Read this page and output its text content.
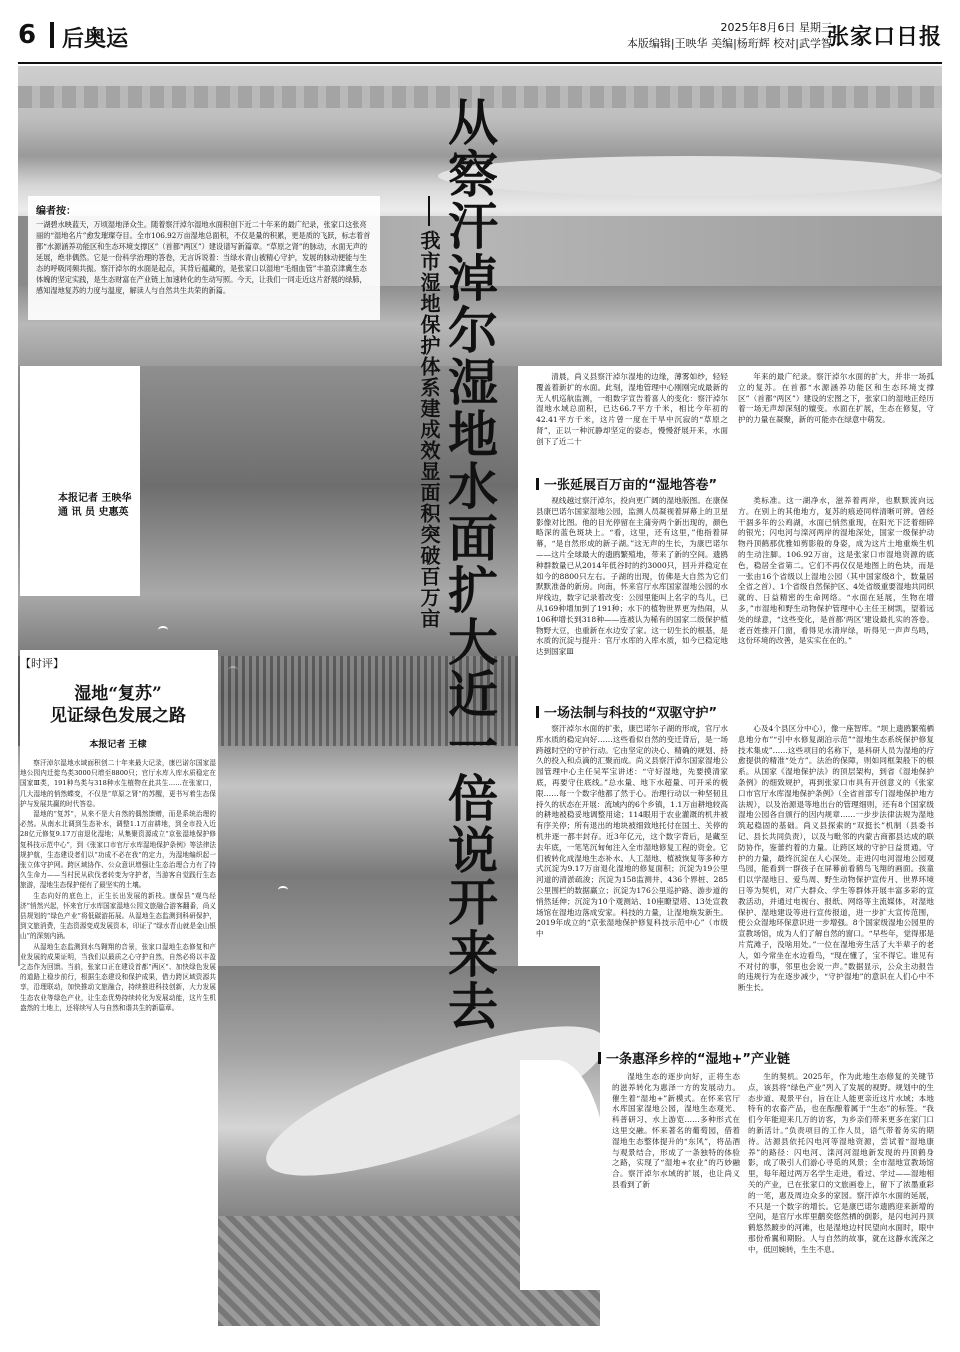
6 后奥运	2025年8月6日 星期三
本版编辑|王映华 美编|杨珩辉 校对|武学智
张家口日报
从察汗淖尔湿地水面扩大近一倍说开来去
我市湿地保护体系建成效显面积突破百万亩
编者按：
一湖碧水映蓝天，万顷湿地泽众生。随着察汗淖尔湿地水面积创下近二十年来的最广纪录，张家口这张亮丽的“湿地名片”愈发璀璨夺目。全市106.92万亩湿地总面积，不仅是量的积累，更是质的飞跃，标志着首都“水源涵养功能区和生态环境支撑区”（首都“两区”）建设谱写新篇章。“草原之肾”的脉动，水面无声的延展，绝非偶然。它是一份科学治理的答卷，无言诉说着：当绿水青山被精心守护，发展的脉动便能与生态的呼吸同频共振。察汗淖尔的水面是起点，其背后蕴藏的，是张家口以湿地“毛细血管”丰盈京津冀生态体魄的坚定实践，是生态财富在产业链上加速转化的生动写照。今天，让我们一同走近这片舒展的绿肺，感知湿地复苏的力度与温度，解读人与自然共生共荣的新篇。
本报记者 王映华
通 讯 员 史惠英
【时评】
湿地“复苏”
见证绿色发展之路
本报记者 王棣

察汗淖尔湿地水域面积创二十年来最大记录，康巴诺尔国家湿地公园内迁徙鸟类3000只增至8800只；官厅水库入库水质稳定在国家Ⅲ类，191种鸟类与318种水生植物在此共生……在张家口，几大湿地的悄然蝶变，不仅是“草原之肾”的苏醒，更书写着生态保护与发展共赢的时代答卷。

湿地的“复苏”，从来不是大自然的偶然馈赠，而是系统治理的必然。从南水北调到生态补水，调整1.1万亩耕地，到全市投入近28亿元修复9.17万亩退化湿地；从集聚资源成立“京张湿地保护修复科技示范中心”，到《张家口市官厅水库湿地保护条例》等法律法规护航，生态建设者们以“功成不必在我”的定力，为湿地编织起一张立体守护网。跨区域协作、公众意识增强让生态治理合力有了持久生命力——当村民从砍伐者转变为守护者，当游客自觉践行生态旅游，湿地生态保护便有了最坚实的土壤。

生态向好的底色上，正生长出发展的新枝。康保县“观鸟经济”悄然兴起，怀来官厅水库国家湿地公园文旅融合游客翻番，尚义县规划的“绿色产业”将低碳游拓展。从湿地生态监测到科研保护，到文旅消费，生态资源变成发展资本，印证了“绿水青山就是金山银山”的深刻内涵。

从湿地生态监测到水鸟翱翔的音景，张家口湿地生态修复和产业发展的成果证明，当我们以最质之心守护自然，自然必将以丰盈之态作为回馈。当前，张家口正在建设首都“两区”、加快绿色发展的道路上稳步前行，根据生态建设和保护成果，借力跨区域资源共享，沿理联动，加快推动文旅融合，持续推进科技创新，大力发展生态农业等绿色产业，让生态优势持续转化为发展动能，这片生机盎然的土地上，还将续写人与自然和谐共生的新篇章。

清晨，尚义县察汗淖尔湿地的边缘，薄雾如纱，轻轻覆盖着新扩的水面。此刻，湿地管理中心刚刚完成最新的无人机巡航监测，一组数字宣告着喜人的变化：察汗淖尔湿地水域总面积，已达66.7平方千米，相比今年初的42.41平方千米，这片曾一度在干旱中沉寂的“草原之肾”，正以一种沉静却坚定的姿态，慢慢舒展开来，水面创下了近二十

年来的最广纪录。察汗淖尔水面的扩大，并非一场孤立的复苏。在首都“水源涵养功能区和生态环境支撑区”（首都“两区”）建设的宏图之下，张家口的湿地正经历着一场无声却深刻的嬗变。水面在扩展，生态在修复，守护的力量在凝聚，新的可能亦在绿意中萌发。

一张延展百万亩的“湿地答卷”

视线越过察汗淖尔，投向更广阔的湿地版图。在康保县康巴诺尔国家湿地公园，监测人员凝视着屏幕上的卫星影像对比图。他的目光停留在主蒲旁两个新出现的，颜色略深的蓝色斑块上。“看，这里，还有这里，”他指着屏幕，“是自然形成的新子湖。”这无声的生长，为康巴诺尔——这片全球最大的遗鸥繁殖地，带来了新的空间。遗鸥种群数量已从2014年低谷时的约3000只，回升并稳定在如今的8800只左右。子湖的出现，仿佛是大自然为它们默默准备的新房。向南，怀来官厅水库国家湿地公园的水岸线边，数字记录着改变：公园里能叫上名字的鸟儿，已从169种增加到了191种；水下的植物世界更为热闹，从106种增长到318种——连被认为稀有的国家二级保护植物野大豆，也重新在水边安了家。这一切生长的根基，是水质的沉淀与提升：官厅水库的入库水质，如今已稳定地达到国家Ⅲ

类标准。这一湖净水，滋养着两岸，也默默流向远方。在别上的其他地方，复苏的痕迹同样清晰可辨。曾经干涸多年的公鸡湖，水面已悄然重现，在阳光下泛着细碎的银光；闪电河与滦河两岸的湿地深处，国家一级保护动物丹顶鹤那优雅如剪影般的身姿，成为这片土地重焕生机的生动注脚。106.92万亩，这是张家口市湿地资源的底色，稳居全省第二。它们不再仅仅是地图上的色块，而是一张由16个省级以上湿地公园（其中国家级8个，数量居全省之首）、1个省级自然保护区、4处省级重要湿地共同织就的、日益精密的生命网络。“水面在延展，生物在增多，”市湿地和野生动物保护管理中心主任王树凯，望着远处的绿意，“这些变化，是首都‘两区’建设最扎实的答卷。老百姓推开门窗，看得见水清岸绿，听得见一声声鸟鸣，这份环境的改善，是实实在在的。”

一场法制与科技的“双驱守护”

察汗淖尔水面的扩张，康巴诺尔子湖的形成，官厅水库水质的稳定向好……这些看似自然的变迁背后，是一场跨越时空的守护行动。它由坚定的决心、精确的规划、持久的投入和点滴的汇聚而成。尚义县察汗淖尔国家湿地公园管理中心主任吴军宝讲述：“守好湿地，先要摸清家底，再要守住底线。”总水量、地下水超量、可开采的极限……每一个数字他都了然于心。治理行动以一种坚韧且持久的状态在开展：流域内的6个乡镇，1.1万亩耕地较高的耕地被稳妥地调整用途；114眼用于农业灌溉的机井被有序关停；所有退出的地块被细致地托付在国土、关停的机井逐一都丰封存。近3年亿元，这个数字背后，是藏至去年底，一笔笔沉甸甸注入全市湿地修复工程的资金。它们被转化成湿地生态补水、人工湿地、植被恢复等多种方式沉淀为9.17万亩退化湿地的修复面积；沉淀为19公里河道的清淤疏浚；沉淀为158监测井、436个界桩、285公里围栏的数据赢立；沉淀为176公里巡护路、游步道的悄然延伸；沉淀为10个观测站、10座瞭望塔、13处宣教场馆在湿地边落成安家。科技的力量，让湿地焕发新生。2019年成立的“京张湿地保护修复科技示范中心”（市级中

心及4个县区分中心），像一座智库。“坝上遗鸥繁殖栖息地分布”“引中水修复湖泊示范”“湿地生态系统保护修复技术集成”……这些项目的名称下，是科研人员为湿地的疗愈提供的精准“处方”。法治的保障，则如同框架般下的根系。从国家《湿地保护法》的顶层架构，到省《湿地保护条例》的细致规护，再到张家口市具有开创意义的《张家口市官厅水库湿地保护条例》（全省首部专门湿地保护地方法规），以及治源退等地出台的管理细则，还有8个国家级湿地公园各自颁行的因内规章……一步步法律法规为湿地筑起稳固的基础。尚义县探索的“双挺长”机制（县委书记、县长共同负责），以及与毗邻的内蒙古商都县达成的联防协作，鉴蕾约着的力量。让跨区域的守护日益贯通。守护的力量，最终沉淀在人心深处。走进闪电河湿地公园观鸟园，能看到一群孩子在屏幕前看鹤鸟飞翔的画面。孩童们以学湿地日、爱鸟周、野生动物保护宣传月、世界环境日等为契机，对广大群众、学生等群体开展丰富多彩的宣教活动，并通过电视台、报纸、网络等主流媒体，对湿地保护、湿地建设等进行宣传报道，进一步扩大宣传范围，使公众湿地环保意识进一步增强。8个国家级湿地公园里的宣教场馆，成为人们了解自然的窗口。“早些年，觉得那是片荒滩子，没啥用处。”一位在湿地旁生活了大半辈子的老人，如今常坐在水边看鸟，“现在懂了，宝不得它。谁见有不对付的事，邻里也会说一声。”数据显示，公众主动报告的违规行为在逐步减少，“守护湿地”的意识在人们心中不断生长。

一条惠泽乡梓的“湿地+”产业链

湿地生态的逐步向好，正将生态的滋养转化为惠泽一方的发展动力。催生着“湿地+”新模式。在怀来官厅水库国家湿地公园，湿地生态观光、科普研习、水上游览……多种形式在这里交融。怀来著名的葡萄园，借着湿地生态整体提升的“东风”，将品酒与观景结合，形成了一条独特的体验之路，实现了“湿地+农业”的巧妙融合。察汗淖尔水域的扩展，也让尚义县看到了新

生的契机。2025年，作为此地生态修复的关键节点，该县将“绿色产业”列入了发展的视野。规划中的生态步道、观景平台，旨在让人能更亲近这片水域；本地特有的农畜产品，也在酝酿着属于“生态”的标签。“我们今年能迎来几万的访客，为乡亲们带来更多在家门口的新活计。”负责项目的工作人员，语气带着务实的期待。沽源县依托闪电河等湿地资源，尝试着“湿地康养”的路径：闪电河、滦河河湿地新发现的丹顶鹤身影，成了吸引人们游心寻觅的风景；全市湿地宣教场馆里，每年超过两万名学生走进，看过、学过——湿地相关的产业，已在张家口的文旅画卷上，留下了浓墨重彩的一笔，惠及周边众多的家园。察汗淖尔水面的延展，不只是一个数字的增长。它是康巴诺尔遗鸥迎来新增的空间，是官厅水库里鹳奕悠然栖的倒影，是闪电河丹顶鹤悠然踱步的河滩，也是湿地边村民望向水面时，眼中那份希翼和期盼。人与自然的故事，就在这静水流深之中，低回婉转，生生不息。
